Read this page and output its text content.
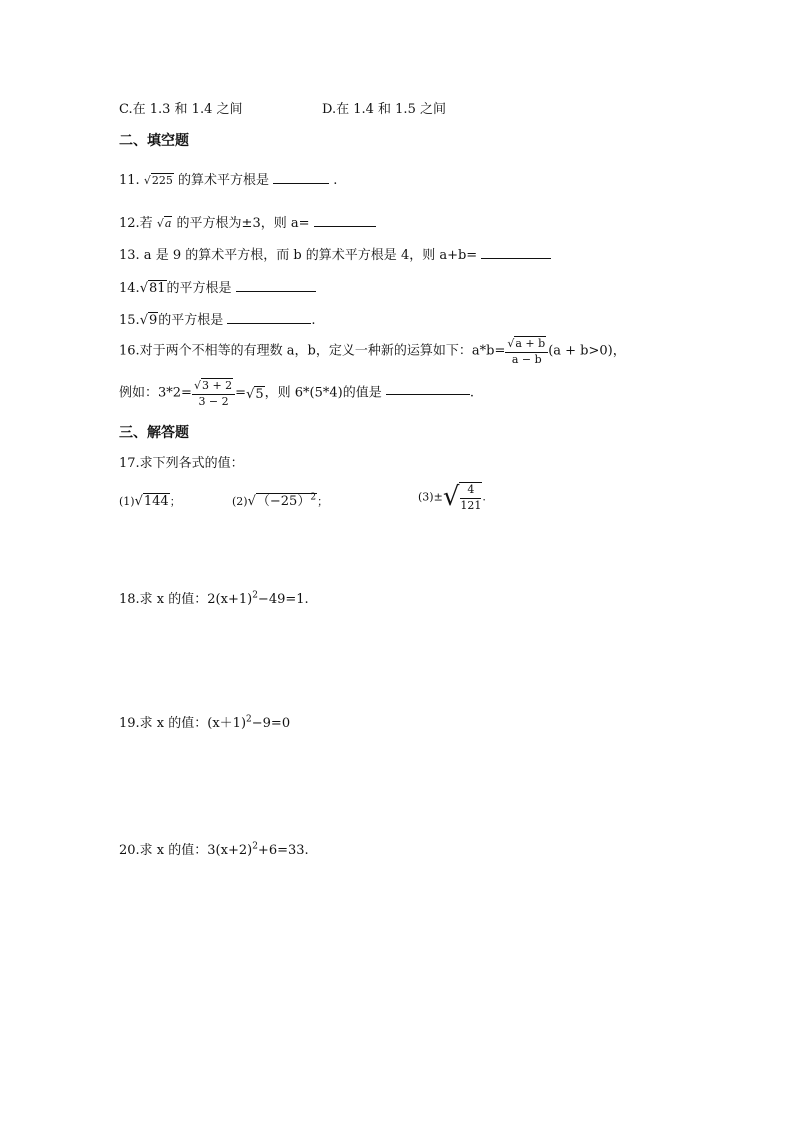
C.在 1.3 和 1.4 之间	D.在 1.4 和 1.5 之间
二、填空题
11. √225 的算术平方根是	.
12.若 √a 的平方根为±3，则 a=
13. a 是 9 的算术平方根，而 b 的算术平方根是 4，则 a+b=
14.√81的平方根是
15.√9的平方根是	.
16.对于两个不相等的有理数 a，b，定义一种新的运算如下：$a*b= \frac{√a + b}{a - b} (a + b>0)$，
例如：$3*2= \frac{√3 + 2}{3 - 2} =√5$，则 6*(5*4)的值是	.
三、解答题
17.求下列各式的值：
(1)√144；	$(2)√(-25)^2$；	$(3)\pm√ \frac{4}{121}$ .
18.求 x 的值：$2(x+1)^2-49=1$.
19.求 x 的值：$(x+1)^2-9=0$
20.求 x 的值：$3(x+2)^2+6=33$.
